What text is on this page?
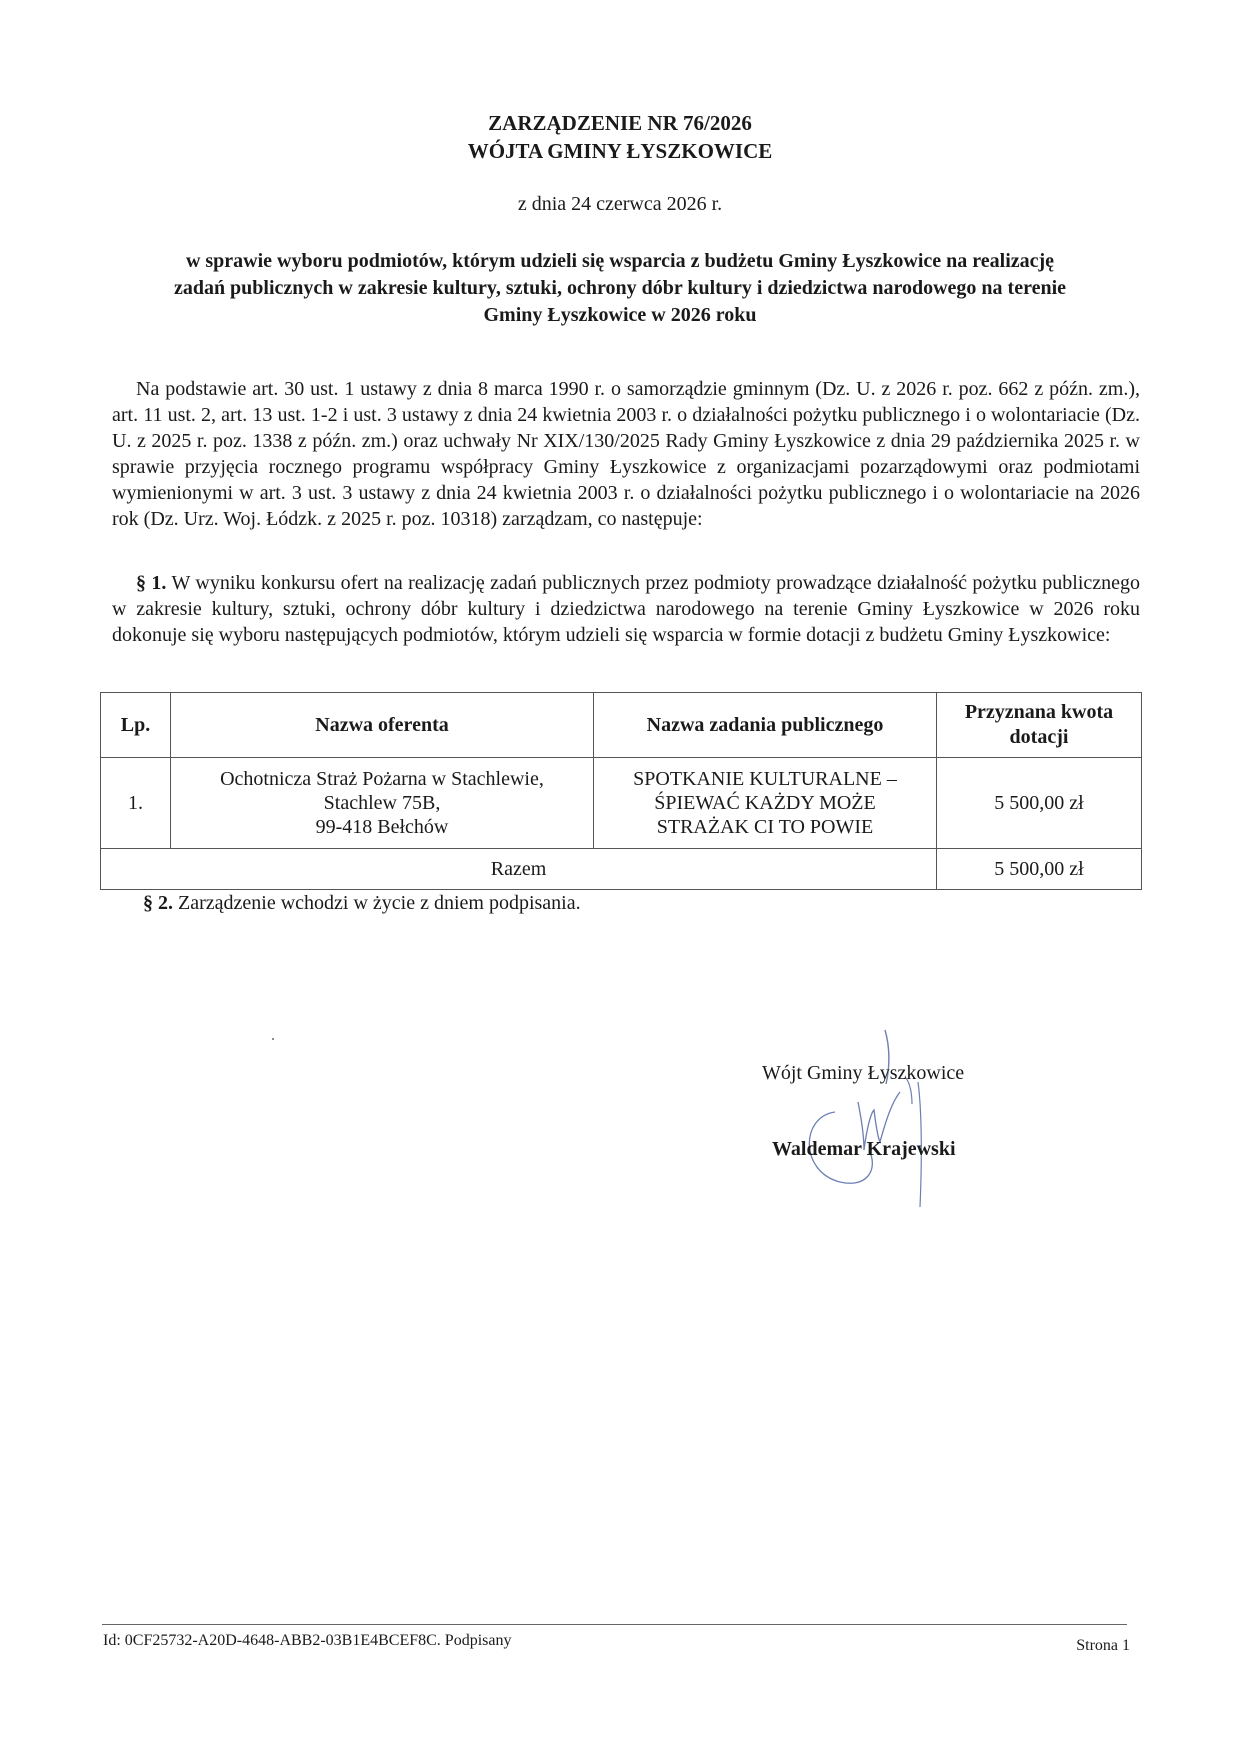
ZARZĄDZENIE NR 76/2026
WÓJTA GMINY ŁYSZKOWICE
z dnia 24 czerwca 2026 r.
w sprawie wyboru podmiotów, którym udzieli się wsparcia z budżetu Gminy Łyszkowice na realizację
zadań publicznych w zakresie kultury, sztuki, ochrony dóbr kultury i dziedzictwa narodowego na terenie
Gminy Łyszkowice w 2026 roku
Na podstawie art. 30 ust. 1 ustawy z dnia 8 marca 1990 r. o samorządzie gminnym (Dz. U. z 2026 r. poz. 662 z późn. zm.), art. 11 ust. 2, art. 13 ust. 1-2 i ust. 3 ustawy z dnia 24 kwietnia 2003 r. o działalności pożytku publicznego i o wolontariacie (Dz. U. z 2025 r. poz. 1338 z późn. zm.) oraz uchwały Nr XIX/130/2025 Rady Gminy Łyszkowice z dnia 29 października 2025 r. w sprawie przyjęcia rocznego programu współpracy Gminy Łyszkowice z organizacjami pozarządowymi oraz podmiotami wymienionymi w art. 3 ust. 3 ustawy z dnia 24 kwietnia 2003 r. o działalności pożytku publicznego i o wolontariacie na 2026 rok (Dz. Urz. Woj. Łódzk. z 2025 r. poz. 10318) zarządzam, co następuje:
§ 1. W wyniku konkursu ofert na realizację zadań publicznych przez podmioty prowadzące działalność pożytku publicznego w zakresie kultury, sztuki, ochrony dóbr kultury i dziedzictwa narodowego na terenie Gminy Łyszkowice w 2026 roku dokonuje się wyboru następujących podmiotów, którym udzieli się wsparcia w formie dotacji z budżetu Gminy Łyszkowice:
Lp.	Nazwa oferenta	Nazwa zadania publicznego	Przyznana kwota dotacji
1.	Ochotnicza Straż Pożarna w Stachlewie,
Stachlew 75B,
99-418 Bełchów	SPOTKANIE KULTURALNE – ŚPIEWAĆ KAŻDY MOŻE STRAŻAK CI TO POWIE	5 500,00 zł
Razem			5 500,00 zł
§ 2. Zarządzenie wchodzi w życie z dniem podpisania.
Wójt Gminy Łyszkowice
Waldemar Krajewski
Id: 0CF25732-A20D-4648-ABB2-03B1E4BCEF8C. Podpisany	Strona 1
